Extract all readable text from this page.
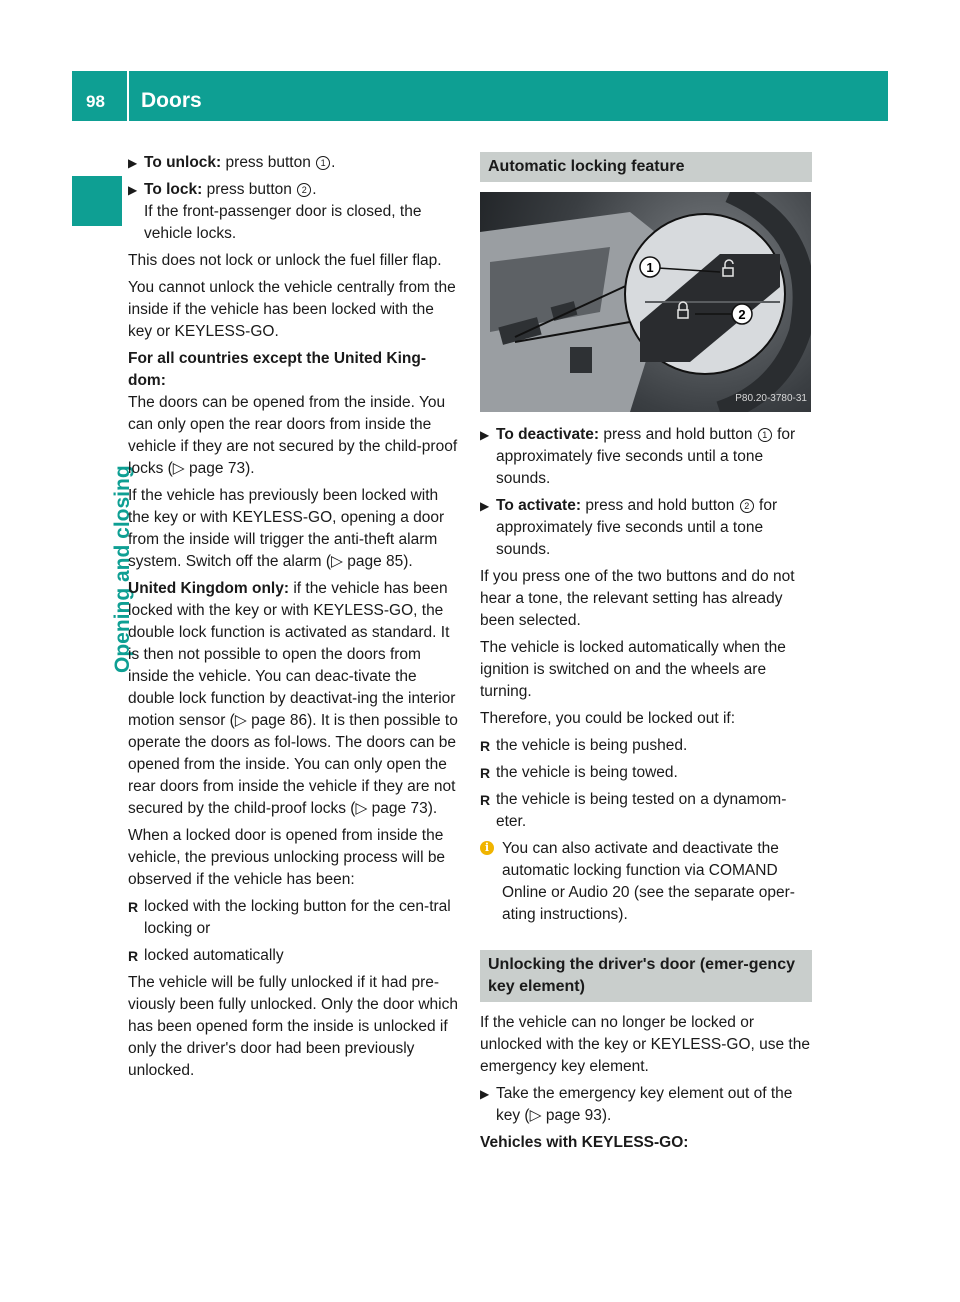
98 Doors
Opening and closing
▶ To unlock: press button 1 .
▶ To lock: press button 2 .
If the front-passenger door is closed, the vehicle locks.

This does not lock or unlock the fuel filler flap.

You cannot unlock the vehicle centrally from the inside if the vehicle has been locked with the key or KEYLESS-GO.

For all countries except the United King-dom:

The doors can be opened from the inside. You can only open the rear doors from inside the vehicle if they are not secured by the child-proof locks (▷ page 73).

If the vehicle has previously been locked with the key or with KEYLESS-GO, opening a door from the inside will trigger the anti-theft alarm system. Switch off the alarm (▷ page 85).

United Kingdom only: if the vehicle has been locked with the key or with KEYLESS-GO, the double lock function is activated as standard. It is then not possible to open the doors from inside the vehicle. You can deac-tivate the double lock function by deactivat-ing the interior motion sensor (▷ page 86). It is then possible to operate the doors as fol-lows. The doors can be opened from the inside. You can only open the rear doors from inside the vehicle if they are not secured by the child-proof locks (▷ page 73).

When a locked door is opened from inside the vehicle, the previous unlocking process will be observed if the vehicle has been:

R locked with the locking button for the cen-tral locking or
R locked automatically

The vehicle will be fully unlocked if it had pre-viously been fully unlocked. Only the door which has been opened form the inside is unlocked if only the driver's door had been previously unlocked.

Automatic locking feature
1
2
P80.20-3780-31
▶ To deactivate: press and hold button 1 for approximately five seconds until a tone sounds.
▶ To activate: press and hold button 2 for approximately five seconds until a tone sounds.

If you press one of the two buttons and do not hear a tone, the relevant setting has already been selected.

The vehicle is locked automatically when the ignition is switched on and the wheels are turning.

Therefore, you could be locked out if:

R the vehicle is being pushed.
R the vehicle is being towed.
R the vehicle is being tested on a dynamom-eter.
i You can also activate and deactivate the automatic locking function via COMAND Online or Audio 20 (see the separate oper-ating instructions).
Unlocking the driver's door (emer-gency key element)

If the vehicle can no longer be locked or unlocked with the key or KEYLESS-GO, use the emergency key element.

▶ Take the emergency key element out of the key (▷ page 93).

Vehicles with KEYLESS-GO:
